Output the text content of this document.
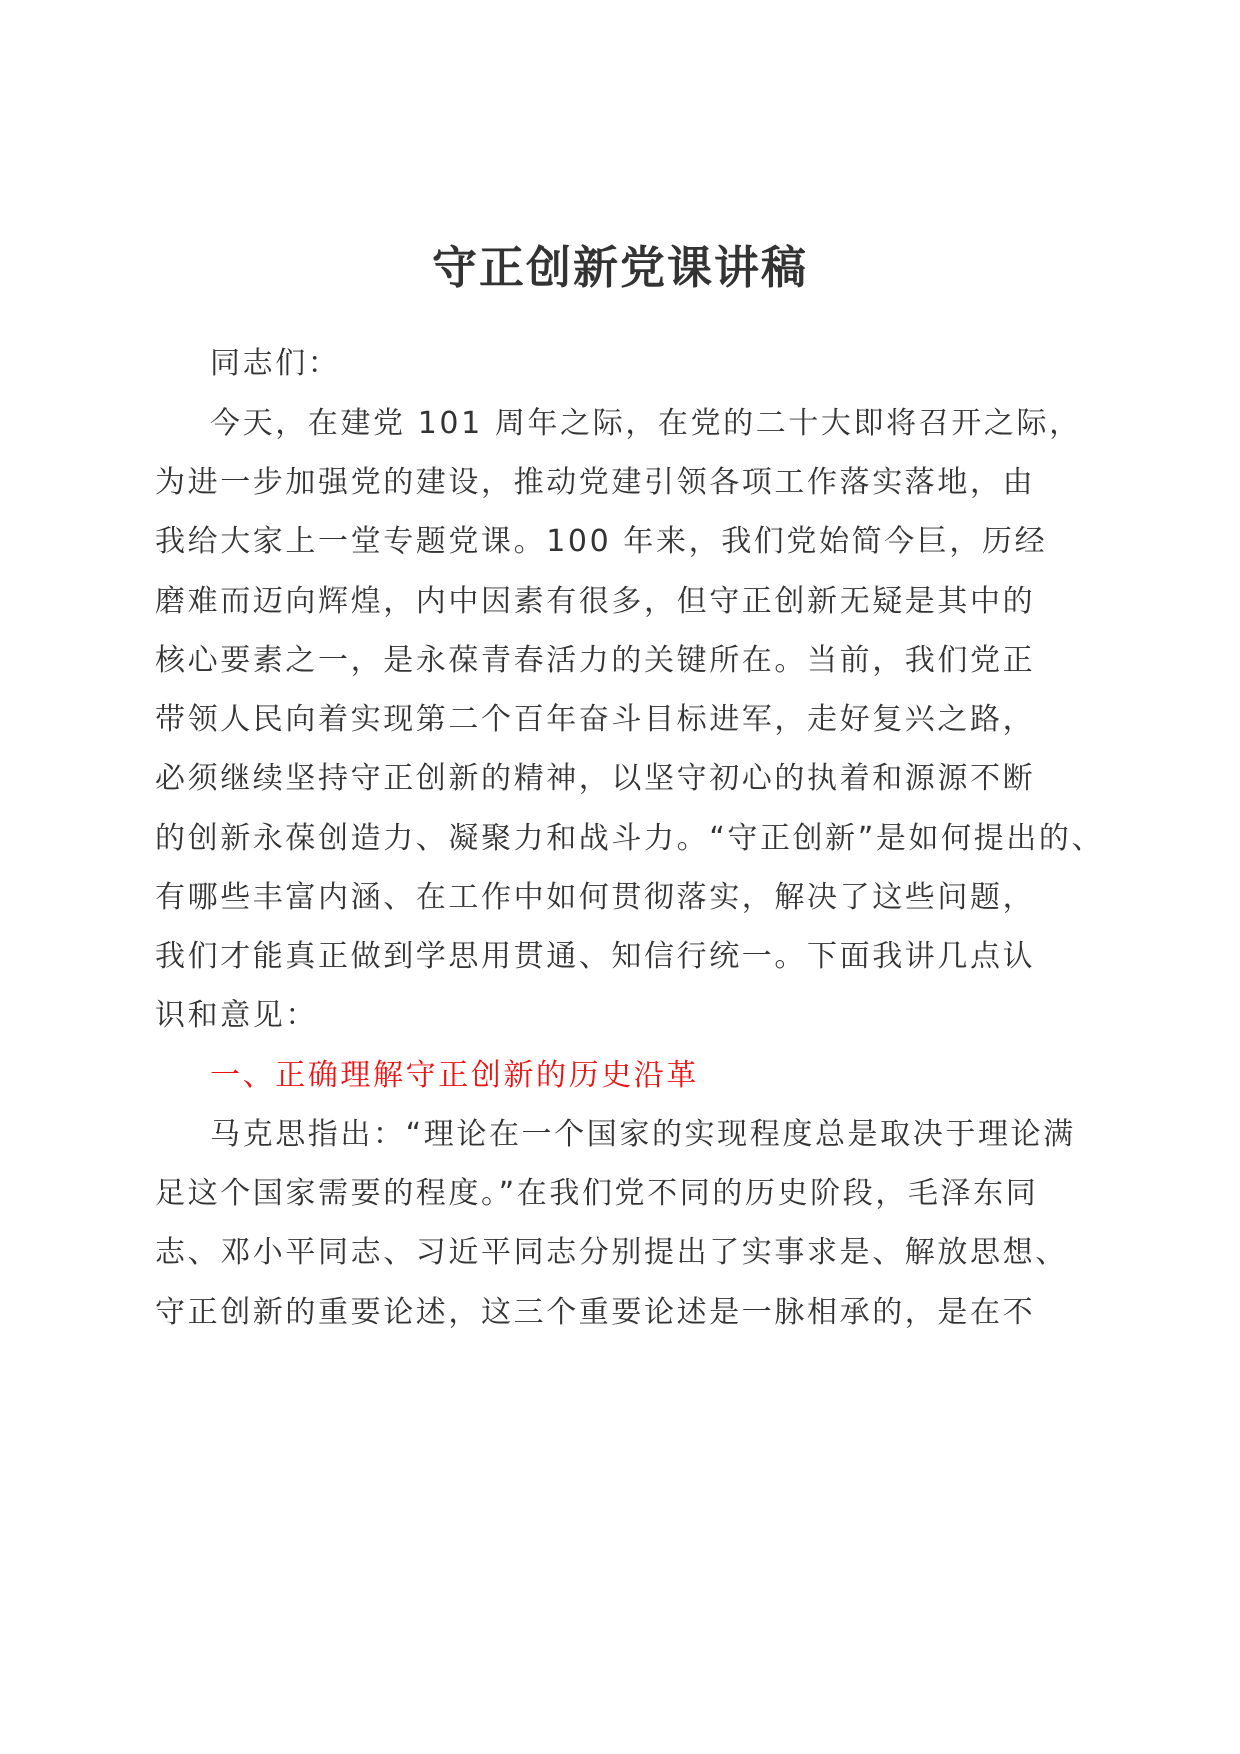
守正创新党课讲稿
同志们：
今天，在建党 101 周年之际，在党的二十大即将召开之际，
为进一步加强党的建设，推动党建引领各项工作落实落地，由
我给大家上一堂专题党课。100 年来，我们党始简今巨，历经
磨难而迈向辉煌，内中因素有很多，但守正创新无疑是其中的
核心要素之一，是永葆青春活力的关键所在。当前，我们党正
带领人民向着实现第二个百年奋斗目标进军，走好复兴之路，
必须继续坚持守正创新的精神，以坚守初心的执着和源源不断
的创新永葆创造力、凝聚力和战斗力。“守正创新”是如何提出的、
有哪些丰富内涵、在工作中如何贯彻落实，解决了这些问题，
我们才能真正做到学思用贯通、知信行统一。下面我讲几点认
识和意见：
一、正确理解守正创新的历史沿革
马克思指出：“理论在一个国家的实现程度总是取决于理论满
足这个国家需要的程度。”在我们党不同的历史阶段，毛泽东同
志、邓小平同志、习近平同志分别提出了实事求是、解放思想、
守正创新的重要论述，这三个重要论述是一脉相承的，是在不
